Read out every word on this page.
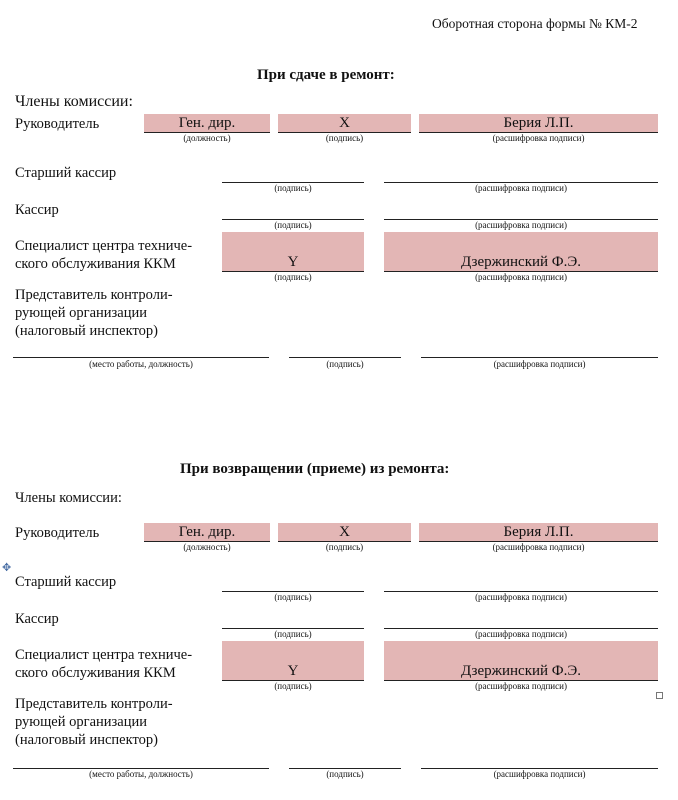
Оборотная сторона формы № КМ-2
При сдаче в ремонт:
Члены комиссии:
Руководитель	Ген. дир.	X	Берия Л.П.
(должность)	(подпись)	(расшифровка подписи)
Старший кассир
(подпись)	(расшифровка подписи)
Кассир
(подпись)	(расшифровка подписи)
Специалист центра техниче-
ского обслуживания ККМ	Y	Дзержинский Ф.Э.
(подпись)	(расшифровка подписи)
Представитель контроли-
рующей организации
(налоговый инспектор)
(место работы, должность)	(подпись)	(расшифровка подписи)
При возвращении (приеме) из ремонта:
Члены комиссии:
Руководитель	Ген. дир.	X	Берия Л.П.
(должность)	(подпись)	(расшифровка подписи)
✥
Старший кассир
(подпись)	(расшифровка подписи)
Кассир
(подпись)	(расшифровка подписи)
Специалист центра техниче-
ского обслуживания ККМ	Y	Дзержинский Ф.Э.
(подпись)	(расшифровка подписи)
Представитель контроли-
рующей организации
(налоговый инспектор)
(место работы, должность)	(подпись)	(расшифровка подписи)
